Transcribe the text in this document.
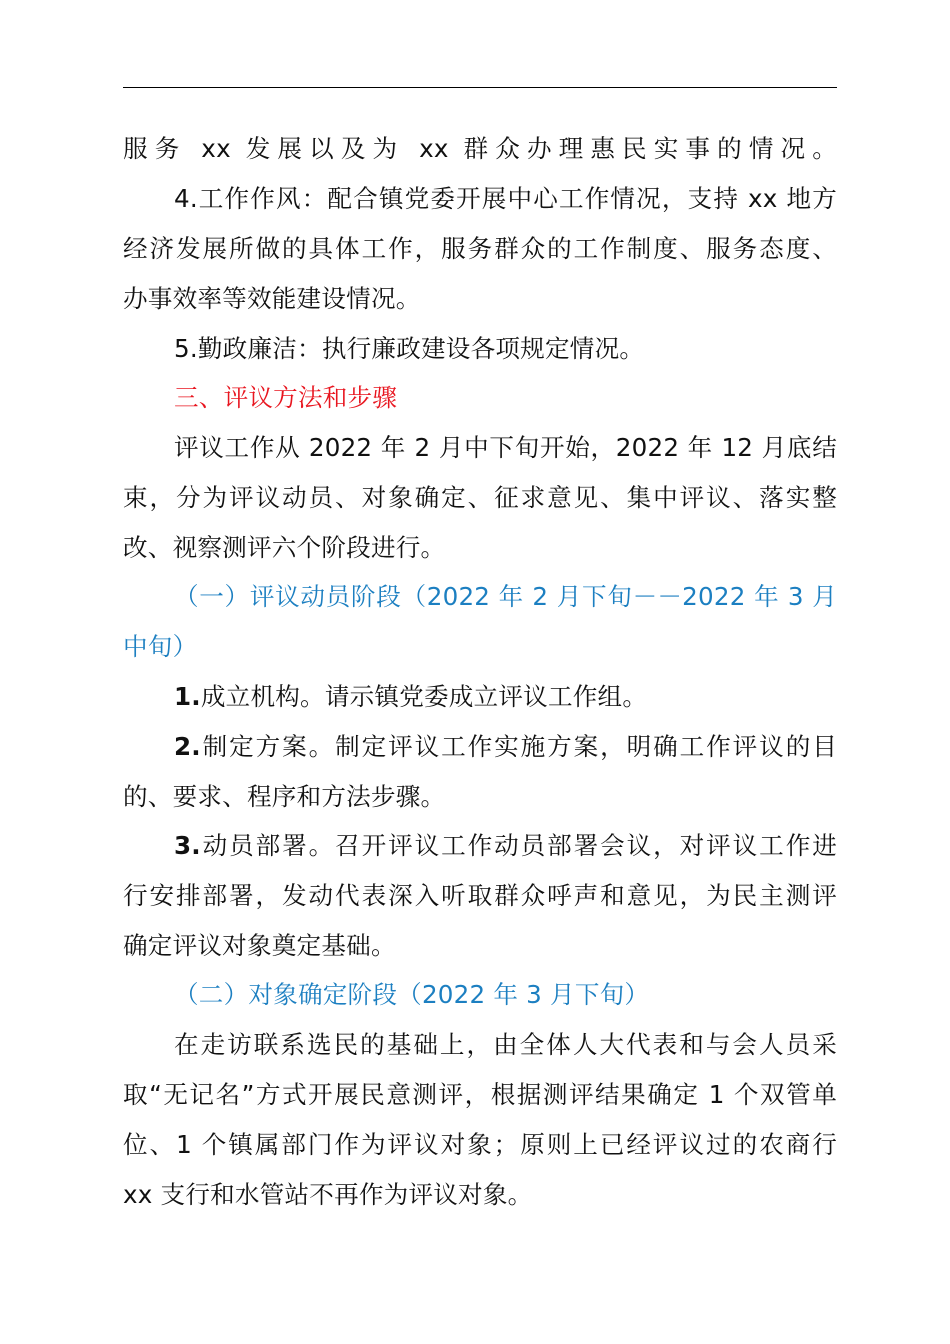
服务 xx 发展以及为 xx 群众办理惠民实事的情况。
4.工作作风：配合镇党委开展中心工作情况，支持 xx 地方
经济发展所做的具体工作，服务群众的工作制度、服务态度、
办事效率等效能建设情况。
5.勤政廉洁：执行廉政建设各项规定情况。
三、评议方法和步骤
评议工作从 2022 年 2 月中下旬开始，2022 年 12 月底结
束，分为评议动员、对象确定、征求意见、集中评议、落实整
改、视察测评六个阶段进行。
（一）评议动员阶段（2022 年 2 月下旬－－2022 年 3 月
中旬）
1.成立机构。请示镇党委成立评议工作组。
2.制定方案。制定评议工作实施方案，明确工作评议的目
的、要求、程序和方法步骤。
3.动员部署。召开评议工作动员部署会议，对评议工作进
行安排部署，发动代表深入听取群众呼声和意见，为民主测评
确定评议对象奠定基础。
（二）对象确定阶段（2022 年 3 月下旬）
在走访联系选民的基础上，由全体人大代表和与会人员采
取“无记名”方式开展民意测评，根据测评结果确定 1 个双管单
位、1 个镇属部门作为评议对象；原则上已经评议过的农商行
xx 支行和水管站不再作为评议对象。
